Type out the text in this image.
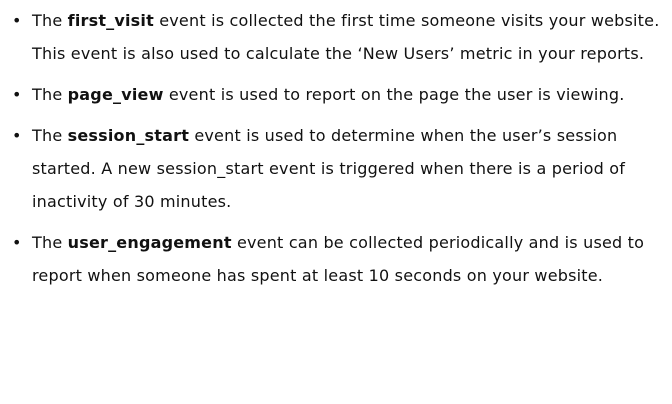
• The first_visit event is collected the first time someone visits your website. This event is also used to calculate the ‘New Users’ metric in your reports.
• The page_view event is used to report on the page the user is viewing.
• The session_start event is used to determine when the user’s session started. A new session_start event is triggered when there is a period of inactivity of 30 minutes.
• The user_engagement event can be collected periodically and is used to report when someone has spent at least 10 seconds on your website.
